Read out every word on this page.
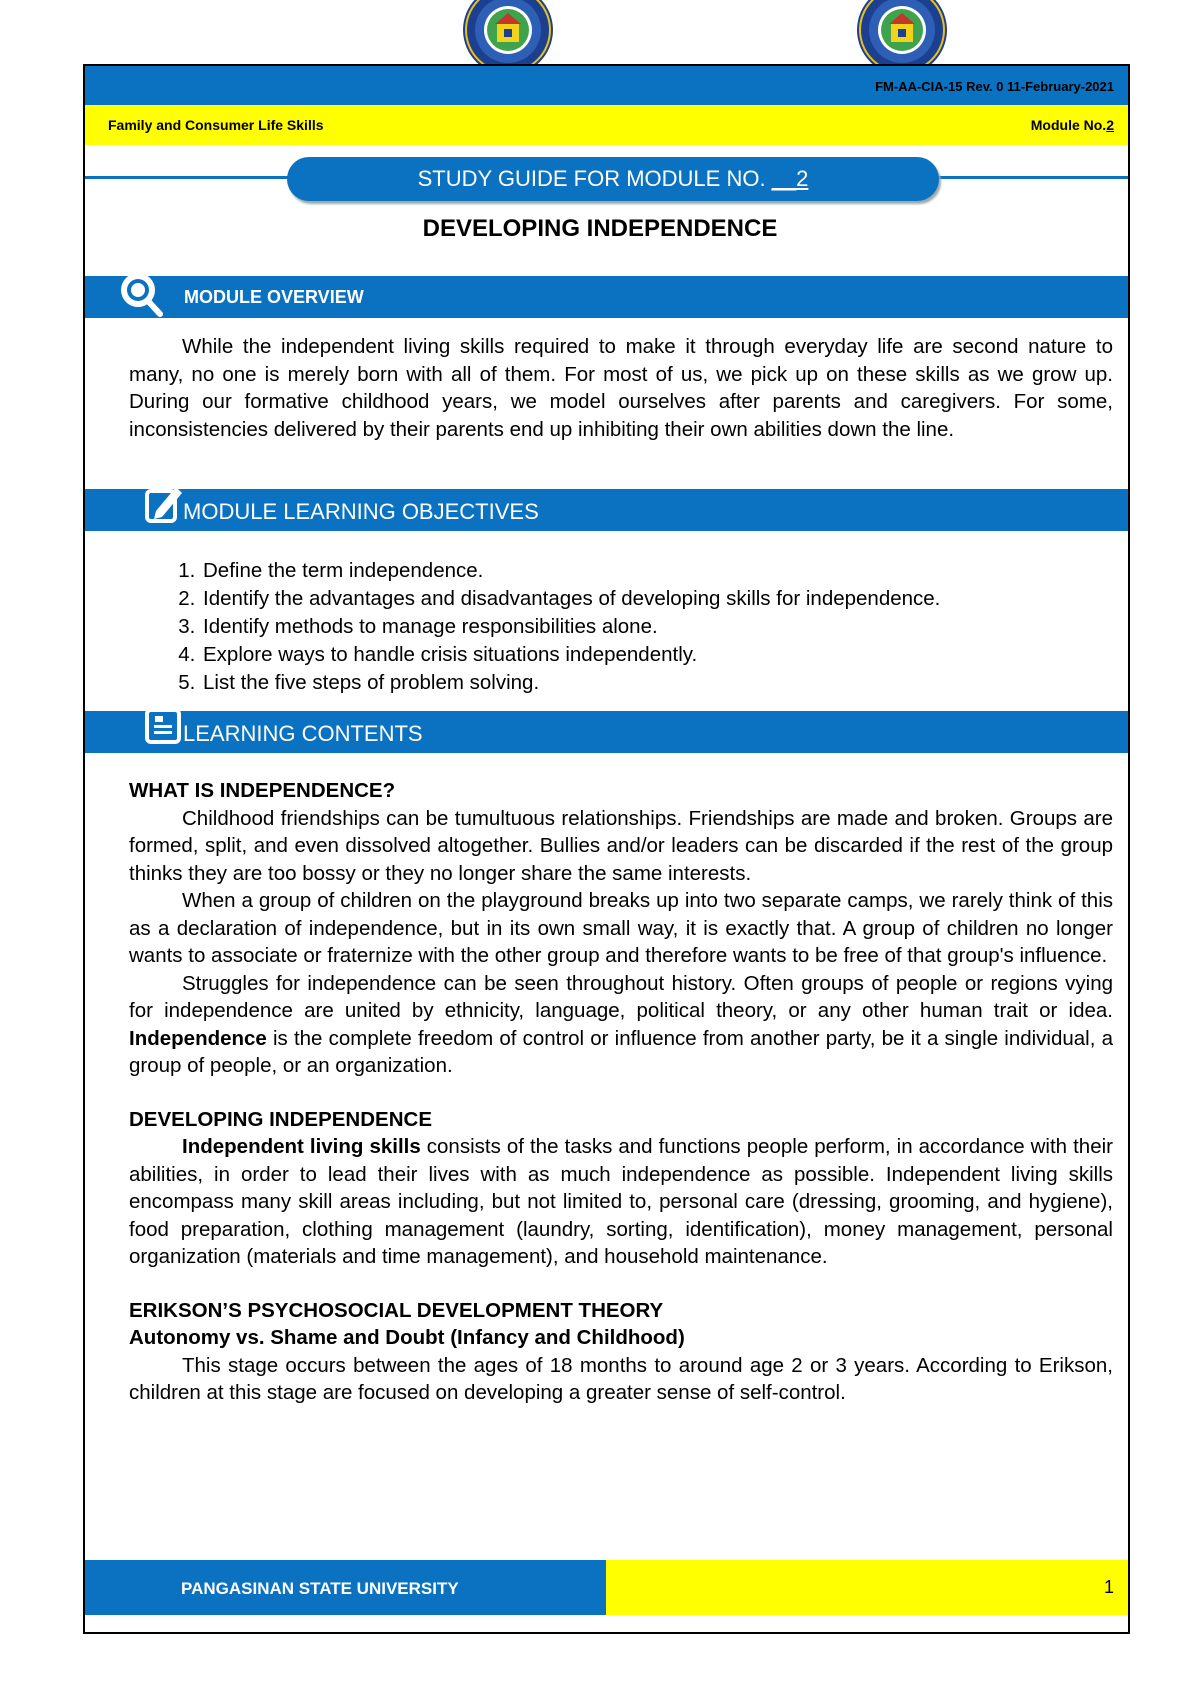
FM-AA-CIA-15 Rev. 0 11-February-2021
Family and Consumer Life Skills	Module No.2
STUDY GUIDE FOR MODULE NO. __2
DEVELOPING INDEPENDENCE
MODULE OVERVIEW

While the independent living skills required to make it through everyday life are second nature to many, no one is merely born with all of them. For most of us, we pick up on these skills as we grow up. During our formative childhood years, we model ourselves after parents and caregivers. For some, inconsistencies delivered by their parents end up inhibiting their own abilities down the line.

MODULE LEARNING OBJECTIVES
1. Define the term independence.
2. Identify the advantages and disadvantages of developing skills for independence.
3. Identify methods to manage responsibilities alone.
4. Explore ways to handle crisis situations independently.
5. List the five steps of problem solving.
LEARNING CONTENTS
WHAT IS INDEPENDENCE?

Childhood friendships can be tumultuous relationships. Friendships are made and broken. Groups are formed, split, and even dissolved altogether. Bullies and/or leaders can be discarded if the rest of the group thinks they are too bossy or they no longer share the same interests.

When a group of children on the playground breaks up into two separate camps, we rarely think of this as a declaration of independence, but in its own small way, it is exactly that. A group of children no longer wants to associate or fraternize with the other group and therefore wants to be free of that group's influence.

Struggles for independence can be seen throughout history. Often groups of people or regions vying for independence are united by ethnicity, language, political theory, or any other human trait or idea. Independence is the complete freedom of control or influence from another party, be it a single individual, a group of people, or an organization.

DEVELOPING INDEPENDENCE

Independent living skills consists of the tasks and functions people perform, in accordance with their abilities, in order to lead their lives with as much independence as possible. Independent living skills encompass many skill areas including, but not limited to, personal care (dressing, grooming, and hygiene), food preparation, clothing management (laundry, sorting, identification), money management, personal organization (materials and time management), and household maintenance.

ERIKSON’S PSYCHOSOCIAL DEVELOPMENT THEORY
Autonomy vs. Shame and Doubt (Infancy and Childhood)

This stage occurs between the ages of 18 months to around age 2 or 3 years. According to Erikson, children at this stage are focused on developing a greater sense of self-control.

PANGASINAN STATE UNIVERSITY	1
